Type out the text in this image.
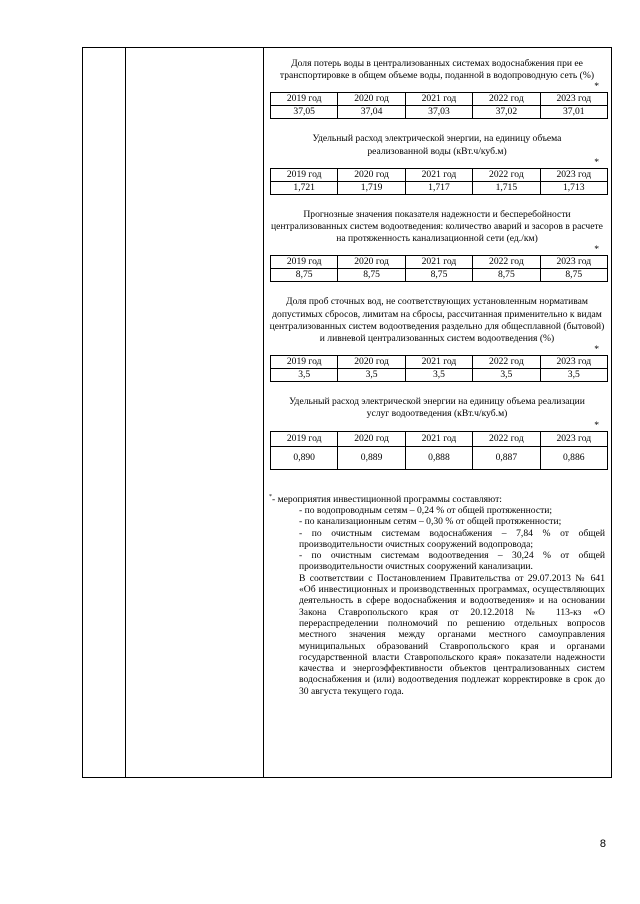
Доля потерь воды в централизованных системах водоснабжения при ее транспортировке в общем объеме воды, поданной в водопроводную сеть (%)

*
2019 год	2020 год	2021 год	2022 год	2023 год
37,05	37,04	37,03	37,02	37,01

Удельный расход электрической энергии, на единицу объема реализованной воды (кВт.ч/куб.м)

*
2019 год	2020 год	2021 год	2022 год	2023 год
1,721	1,719	1,717	1,715	1,713

Прогнозные значения показателя надежности и бесперебойности централизованных систем водоотведения: количество аварий и засоров в расчете на протяженность канализационной сети (ед./км)

*
2019 год	2020 год	2021 год	2022 год	2023 год
8,75	8,75	8,75	8,75	8,75

Доля проб сточных вод, не соответствующих установленным нормативам допустимых сбросов, лимитам на сбросы, рассчитанная применительно к видам централизованных систем водоотведения раздельно для общесплавной (бытовой) и ливневой централизованных систем водоотведения (%)

*
2019 год	2020 год	2021 год	2022 год	2023 год
3,5	3,5	3,5	3,5	3,5

Удельный расход электрической энергии на единицу объема реализации услуг водоотведения (кВт.ч/куб.м)

*
2019 год	2020 год	2021 год	2022 год	2023 год
0,890	0,889	0,888	0,887	0,886

*- мероприятия инвестиционной программы составляют:

- по водопроводным сетям – 0,24 % от общей протяженности;

- по канализационным сетям – 0,30 % от общей протяженности;

- по очистным системам водоснабжения – 7,84 % от общей производительности очистных сооружений водопровода;

- по очистным системам водоотведения – 30,24 % от общей производительности очистных сооружений канализации.

В соответствии с Постановлением Правительства от 29.07.2013 № 641 «Об инвестиционных и производственных программах, осуществляющих деятельность в сфере водоснабжения и водоотведения» и на основании Закона Ставропольского края от 20.12.2018 № 113-кз «О перераспределении полномочий по решению отдельных вопросов местного значения между органами местного самоуправления муниципальных образований Ставропольского края и органами государственной власти Ставропольского края» показатели надежности качества и энергоэффективности объектов централизованных систем водоснабжения и (или) водоотведения подлежат корректировке в срок до 30 августа текущего года.

8
